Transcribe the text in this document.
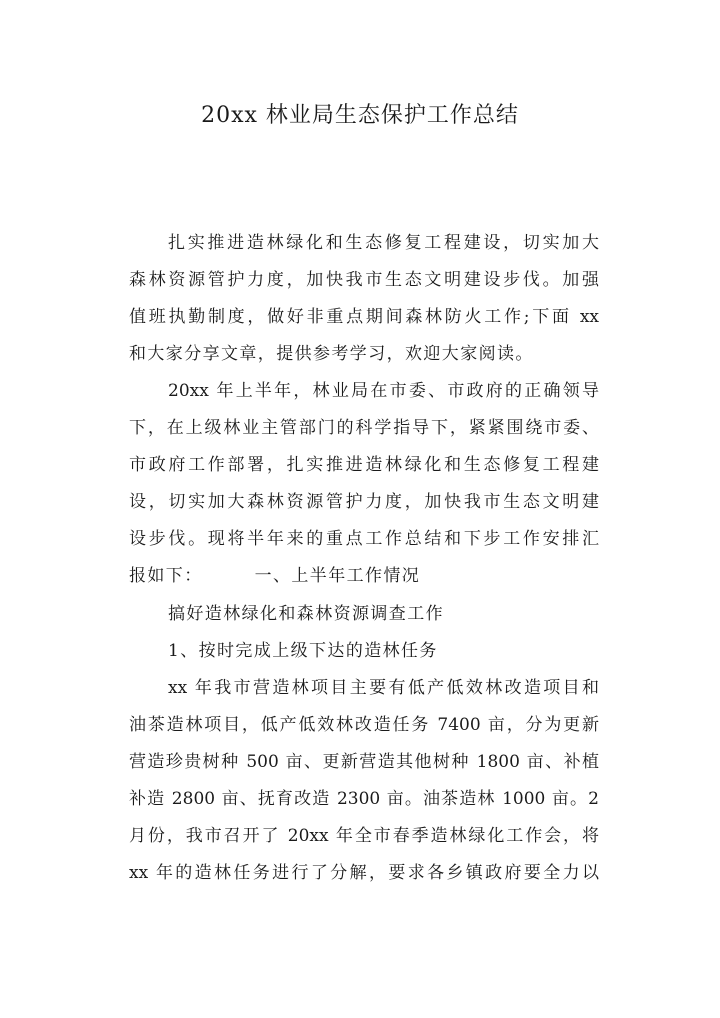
20xx 林业局生态保护工作总结
扎实推进造林绿化和生态修复工程建设，切实加大
森林资源管护力度，加快我市生态文明建设步伐。加强
值班执勤制度，做好非重点期间森林防火工作;下面 xx
和大家分享文章，提供参考学习，欢迎大家阅读。
20xx 年上半年，林业局在市委、市政府的正确领导
下，在上级林业主管部门的科学指导下，紧紧围绕市委、
市政府工作部署，扎实推进造林绿化和生态修复工程建
设，切实加大森林资源管护力度，加快我市生态文明建
设步伐。现将半年来的重点工作总结和下步工作安排汇
报如下：	一、上半年工作情况
搞好造林绿化和森林资源调查工作
1、按时完成上级下达的造林任务
xx 年我市营造林项目主要有低产低效林改造项目和
油茶造林项目，低产低效林改造任务 7400 亩，分为更新
营造珍贵树种 500 亩、更新营造其他树种 1800 亩、补植
补造 2800 亩、抚育改造 2300 亩。油茶造林 1000 亩。2
月份，我市召开了 20xx 年全市春季造林绿化工作会，将
xx 年的造林任务进行了分解，要求各乡镇政府要全力以
